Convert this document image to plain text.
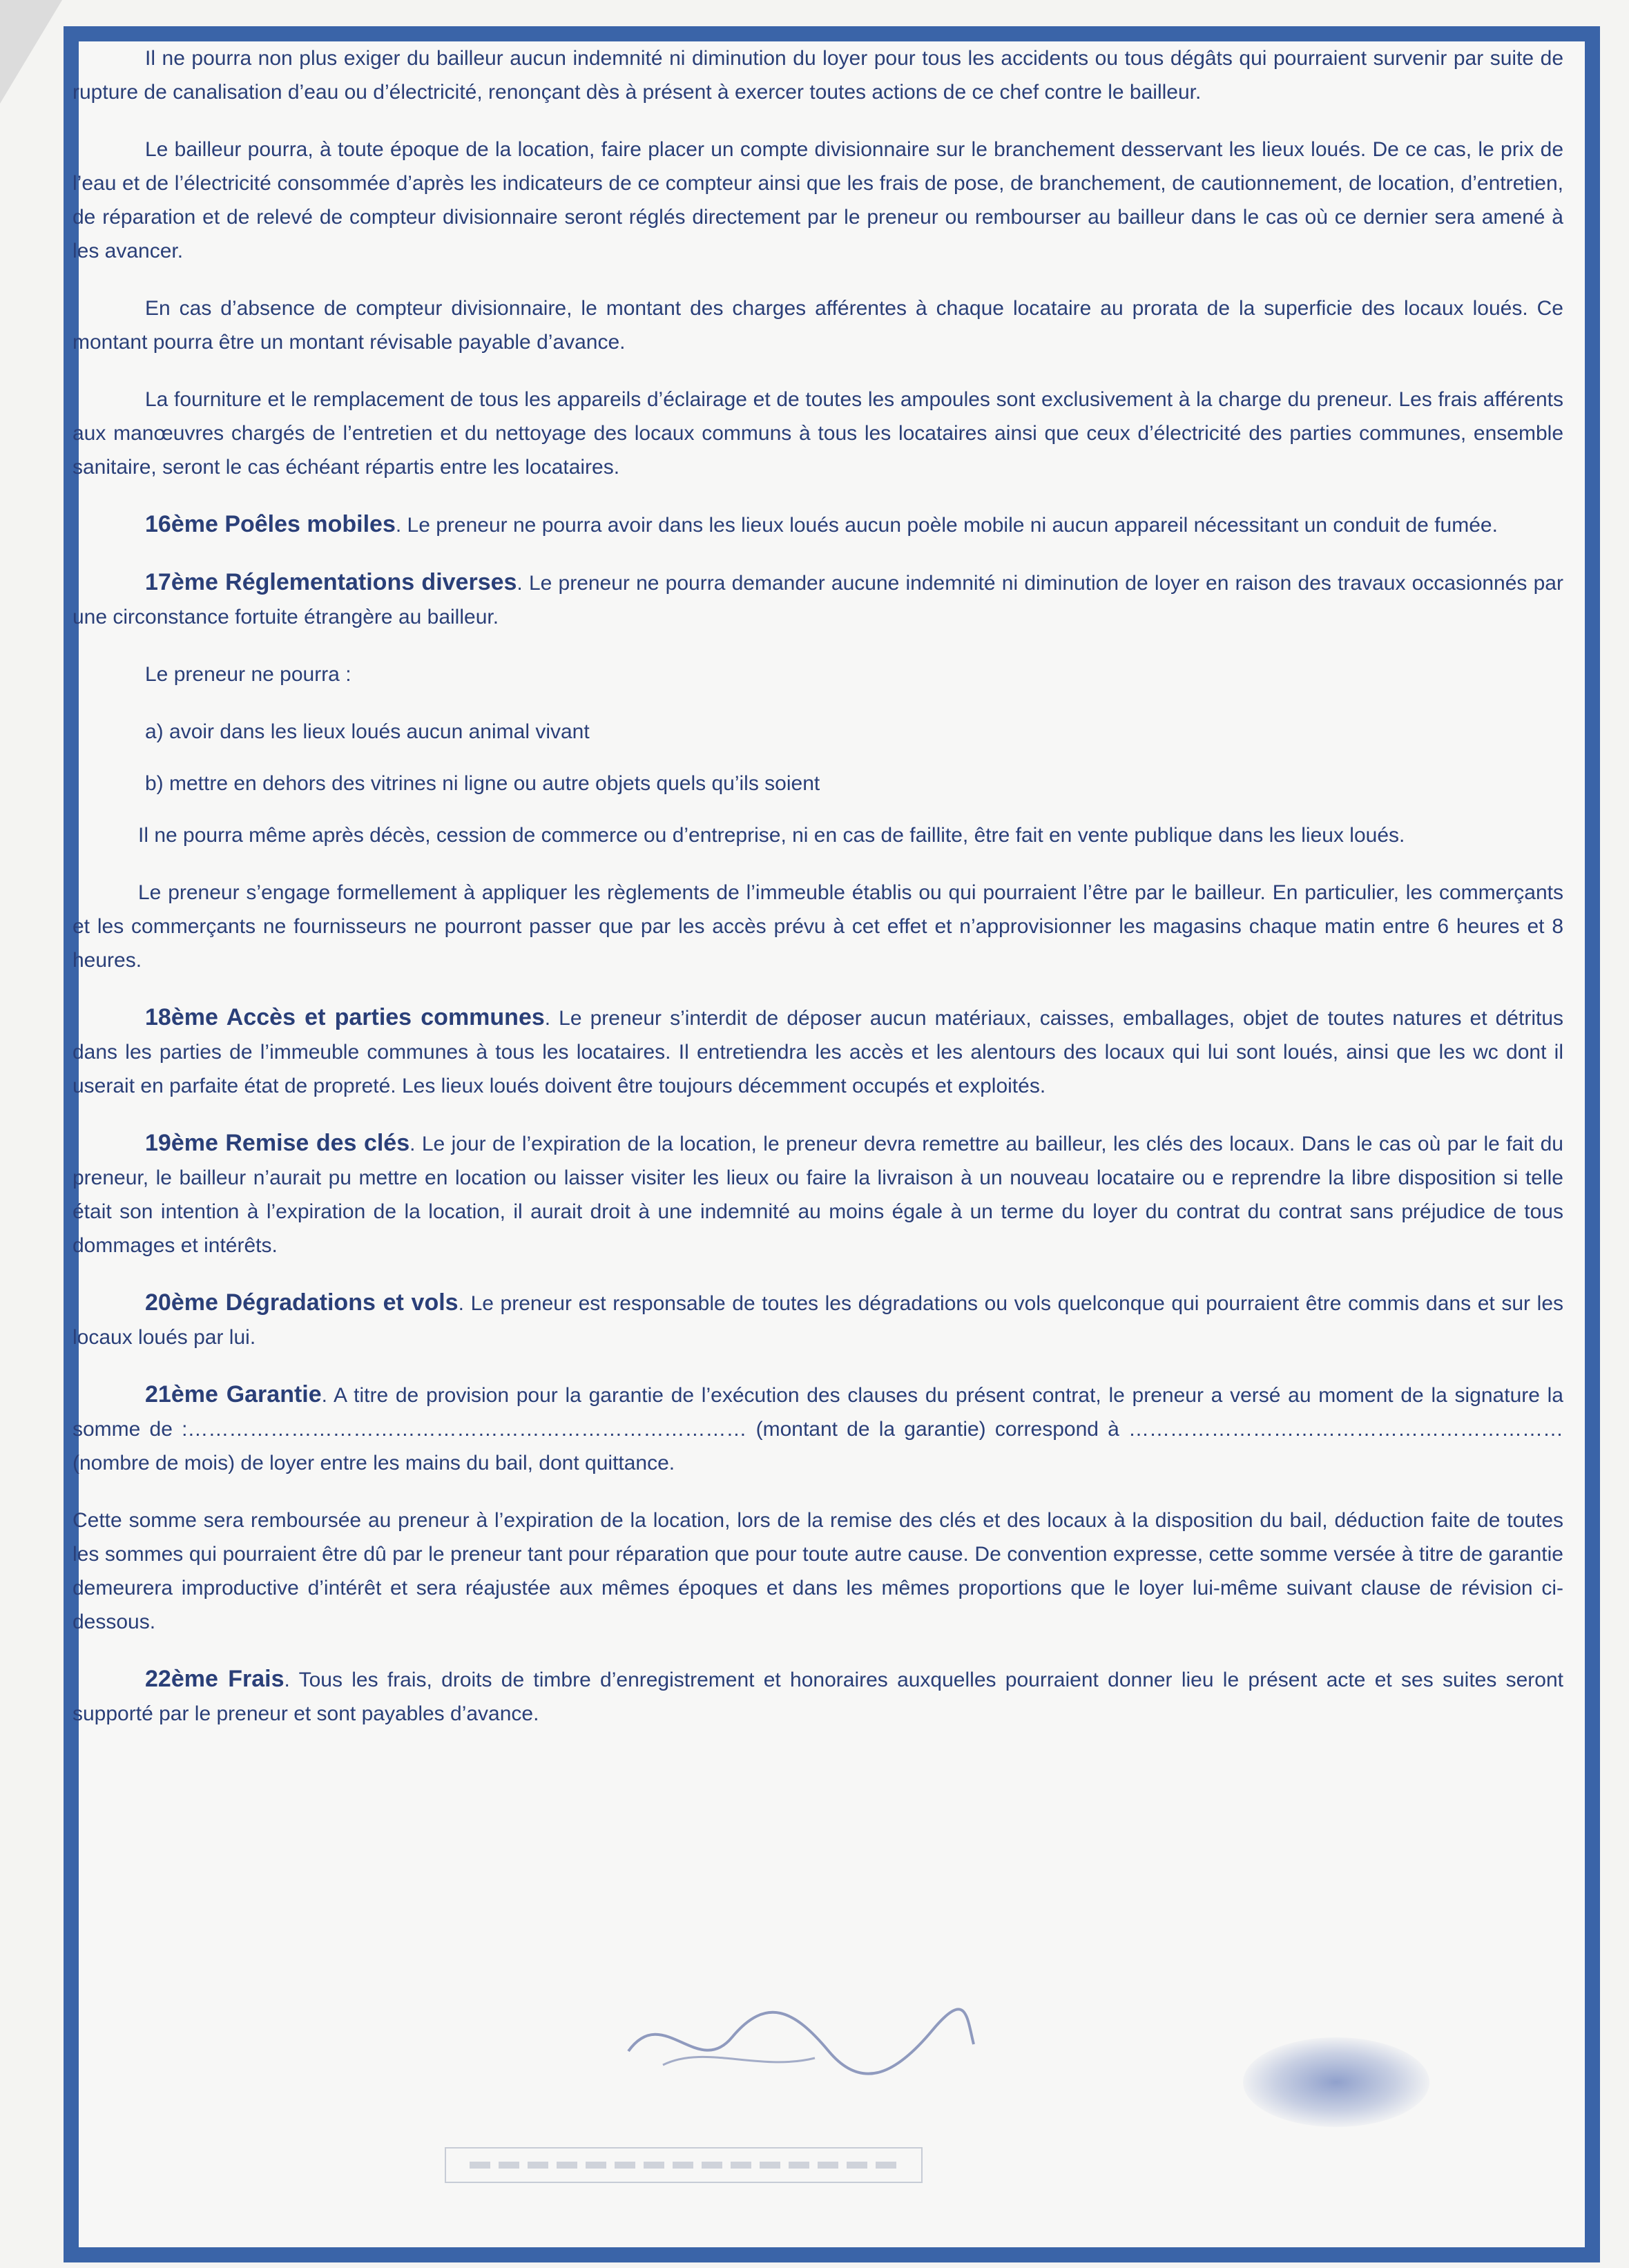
Il ne pourra non plus exiger du bailleur aucun indemnité ni diminution du loyer pour tous les accidents ou tous dégâts qui pourraient survenir par suite de rupture de canalisation d’eau ou d’électricité, renonçant dès à présent à exercer toutes actions de ce chef contre le bailleur.

Le bailleur pourra, à toute époque de la location, faire placer un compte divisionnaire sur le branchement desservant les lieux loués. De ce cas, le prix de l’eau et de l’électricité consommée d’après les indicateurs de ce compteur ainsi que les frais de pose, de branchement, de cautionnement, de location, d’entretien, de réparation et de relevé de compteur divisionnaire seront réglés directement par le preneur ou rembourser au bailleur dans le cas où ce dernier sera amené à les avancer.

En cas d’absence de compteur divisionnaire, le montant des charges afférentes à chaque locataire au prorata de la superficie des locaux loués. Ce montant pourra être un montant révisable payable d’avance.

La fourniture et le remplacement de tous les appareils d’éclairage et de toutes les ampoules sont exclusivement à la charge du preneur. Les frais afférents aux manœuvres chargés de l’entretien et du nettoyage des locaux communs à tous les locataires ainsi que ceux d’électricité des parties communes, ensemble sanitaire, seront le cas échéant répartis entre les locataires.

16ème Poêles mobiles. Le preneur ne pourra avoir dans les lieux loués aucun poèle mobile ni aucun appareil nécessitant un conduit de fumée.

17ème Réglementations diverses. Le preneur ne pourra demander aucune indemnité ni diminution de loyer en raison des travaux occasionnés par une circonstance fortuite étrangère au bailleur.

Le preneur ne pourra :

a) avoir dans les lieux loués aucun animal vivant

b) mettre en dehors des vitrines ni ligne ou autre objets quels qu’ils soient

Il ne pourra même après décès, cession de commerce ou d’entreprise, ni en cas de faillite, être fait en vente publique dans les lieux loués.

Le preneur s’engage formellement à appliquer les règlements de l’immeuble établis ou qui pourraient l’être par le bailleur. En particulier, les commerçants et les commerçants ne fournisseurs ne pourront passer que par les accès prévu à cet effet et n’approvisionner les magasins chaque matin entre 6 heures et 8 heures.

18ème Accès et parties communes. Le preneur s’interdit de déposer aucun matériaux, caisses, emballages, objet de toutes natures et détritus dans les parties de l’immeuble communes à tous les locataires. Il entretiendra les accès et les alentours des locaux qui lui sont loués, ainsi que les wc dont il userait en parfaite état de propreté. Les lieux loués doivent être toujours décemment occupés et exploités.

19ème Remise des clés. Le jour de l’expiration de la location, le preneur devra remettre au bailleur, les clés des locaux. Dans le cas où par le fait du preneur, le bailleur n’aurait pu mettre en location ou laisser visiter les lieux ou faire la livraison à un nouveau locataire ou e reprendre la libre disposition si telle était son intention à l’expiration de la location, il aurait droit à une indemnité au moins égale à un terme du loyer du contrat du contrat sans préjudice de tous dommages et intérêts.

20ème Dégradations et vols. Le preneur est responsable de toutes les dégradations ou vols quelconque qui pourraient être commis dans et sur les locaux loués par lui.

21ème Garantie. A titre de provision pour la garantie de l’exécution des clauses du présent contrat, le preneur a versé au moment de la signature la somme de :……………………………………………………………………… (montant de la garantie) correspond à ……………………………………………………… (nombre de mois) de loyer entre les mains du bail, dont quittance.

Cette somme sera remboursée au preneur à l’expiration de la location, lors de la remise des clés et des locaux à la disposition du bail, déduction faite de toutes les sommes qui pourraient être dû par le preneur tant pour réparation que pour toute autre cause. De convention expresse, cette somme versée à titre de garantie demeurera improductive d’intérêt et sera réajustée aux mêmes époques et dans les mêmes proportions que le loyer lui-même suivant clause de révision ci-dessous.

22ème Frais. Tous les frais, droits de timbre d’enregistrement et honoraires auxquelles pourraient donner lieu le présent acte et ses suites seront supporté par le preneur et sont payables d’avance.
